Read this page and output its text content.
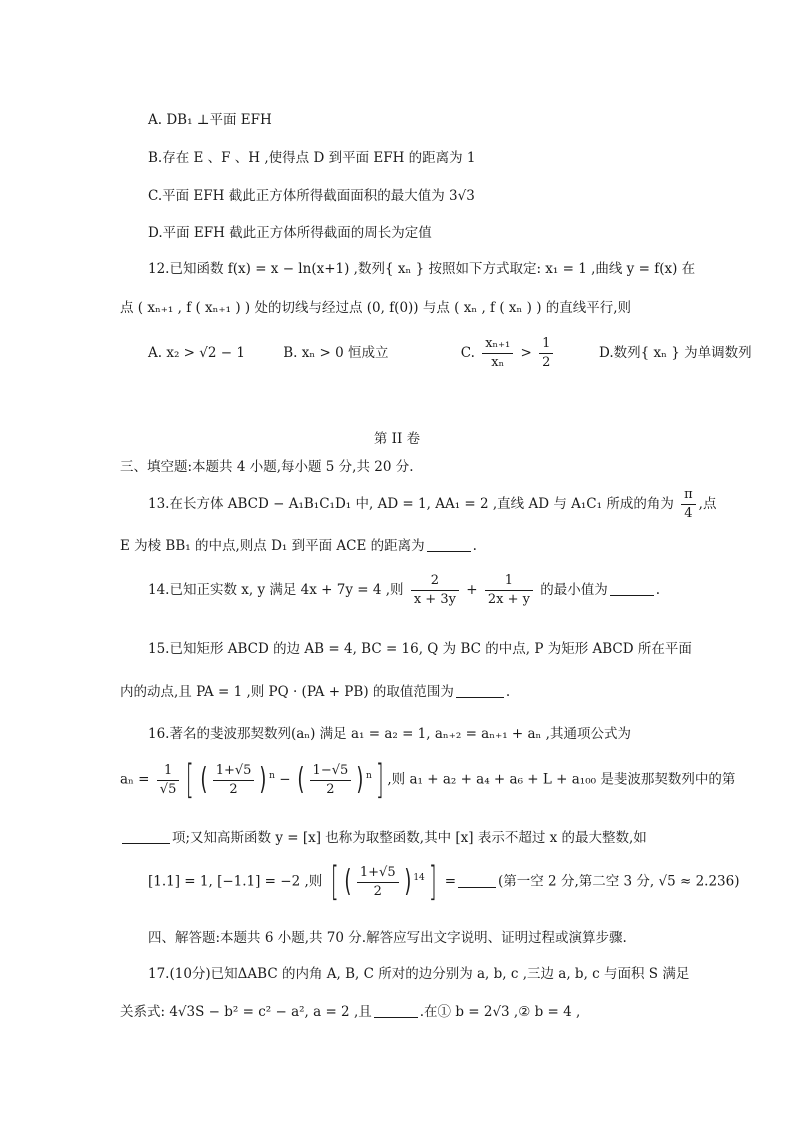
A. DB₁ ⊥平面 EFH
B.存在 E 、F 、H ,使得点 D 到平面 EFH 的距离为 1
C.平面 EFH 截此正方体所得截面面积的最大值为 3√3
D.平面 EFH 截此正方体所得截面的周长为定值
12.已知函数 f(x) = x − ln(x+1) ,数列{ xₙ } 按照如下方式取定: x₁ = 1 ,曲线 y = f(x) 在
点 ( xₙ₊₁ , f ( xₙ₊₁ ) ) 处的切线与经过点 (0, f(0)) 与点 ( xₙ , f ( xₙ ) ) 的直线平行,则
A. x₂ > √2 − 1	B. xₙ > 0 恒成立	C. $\frac{\text{xₙ₊₁}}{\text{xₙ}} > \frac{1}{2}$	D.数列{ xₙ } 为单调数列
第 II 卷
三、填空题:本题共 4 小题,每小题 5 分,共 20 分.
13.在长方体 ABCD − A₁B₁C₁D₁ 中, AD = 1, AA₁ = 2 ,直线 AD 与 A₁C₁ 所成的角为 $\frac{\pi}{4}$ ,点
E 为棱 BB₁ 的中点,则点 D₁ 到平面 ACE 的距离为	.
14.已知正实数 x, y 满足 4x + 7y = 4 ,则 $\frac{2}{x + 3y} + \frac{1}{2x + y}$ 的最小值为	.
15.已知矩形 ABCD 的边 AB = 4, BC = 16, Q 为 BC 的中点, P 为矩形 ABCD 所在平面
内的动点,且 PA = 1 ,则 PQ · (PA + PB) 的取值范围为	.
16.著名的斐波那契数列(aₙ) 满足 a₁ = a₂ = 1, aₙ₊₂ = aₙ₊₁ + aₙ ,其通项公式为
$a_n = \frac{1}{√5}$ [ ( $\frac{1+√5}{2}$ ) $^n$ − ( $\frac{1-√5}{2}$ ) $^n$] ,则 a₁ + a₂ + a₄ + a₆ + L + a₁₀₀ 是斐波那契数列中的第
项;又知高斯函数 y = [x] 也称为取整函数,其中 [x] 表示不超过 x 的最大整数,如
[1.1] = 1, [−1.1] = −2 ,则 [ ( $\frac{1+√5}{2}$ ) $^{14}$] =	(第一空 2 分,第二空 3 分, √5 ≈ 2.236)
四、解答题:本题共 6 小题,共 70 分.解答应写出文字说明、证明过程或演算步骤.
17.(10分)已知ΔABC 的内角 A, B, C 所对的边分别为 a, b, c ,三边 a, b, c 与面积 S 满足
关系式: 4√3S − b² = c² − a², a = 2 ,且	.在① b = 2√3 ,② b = 4 ,
